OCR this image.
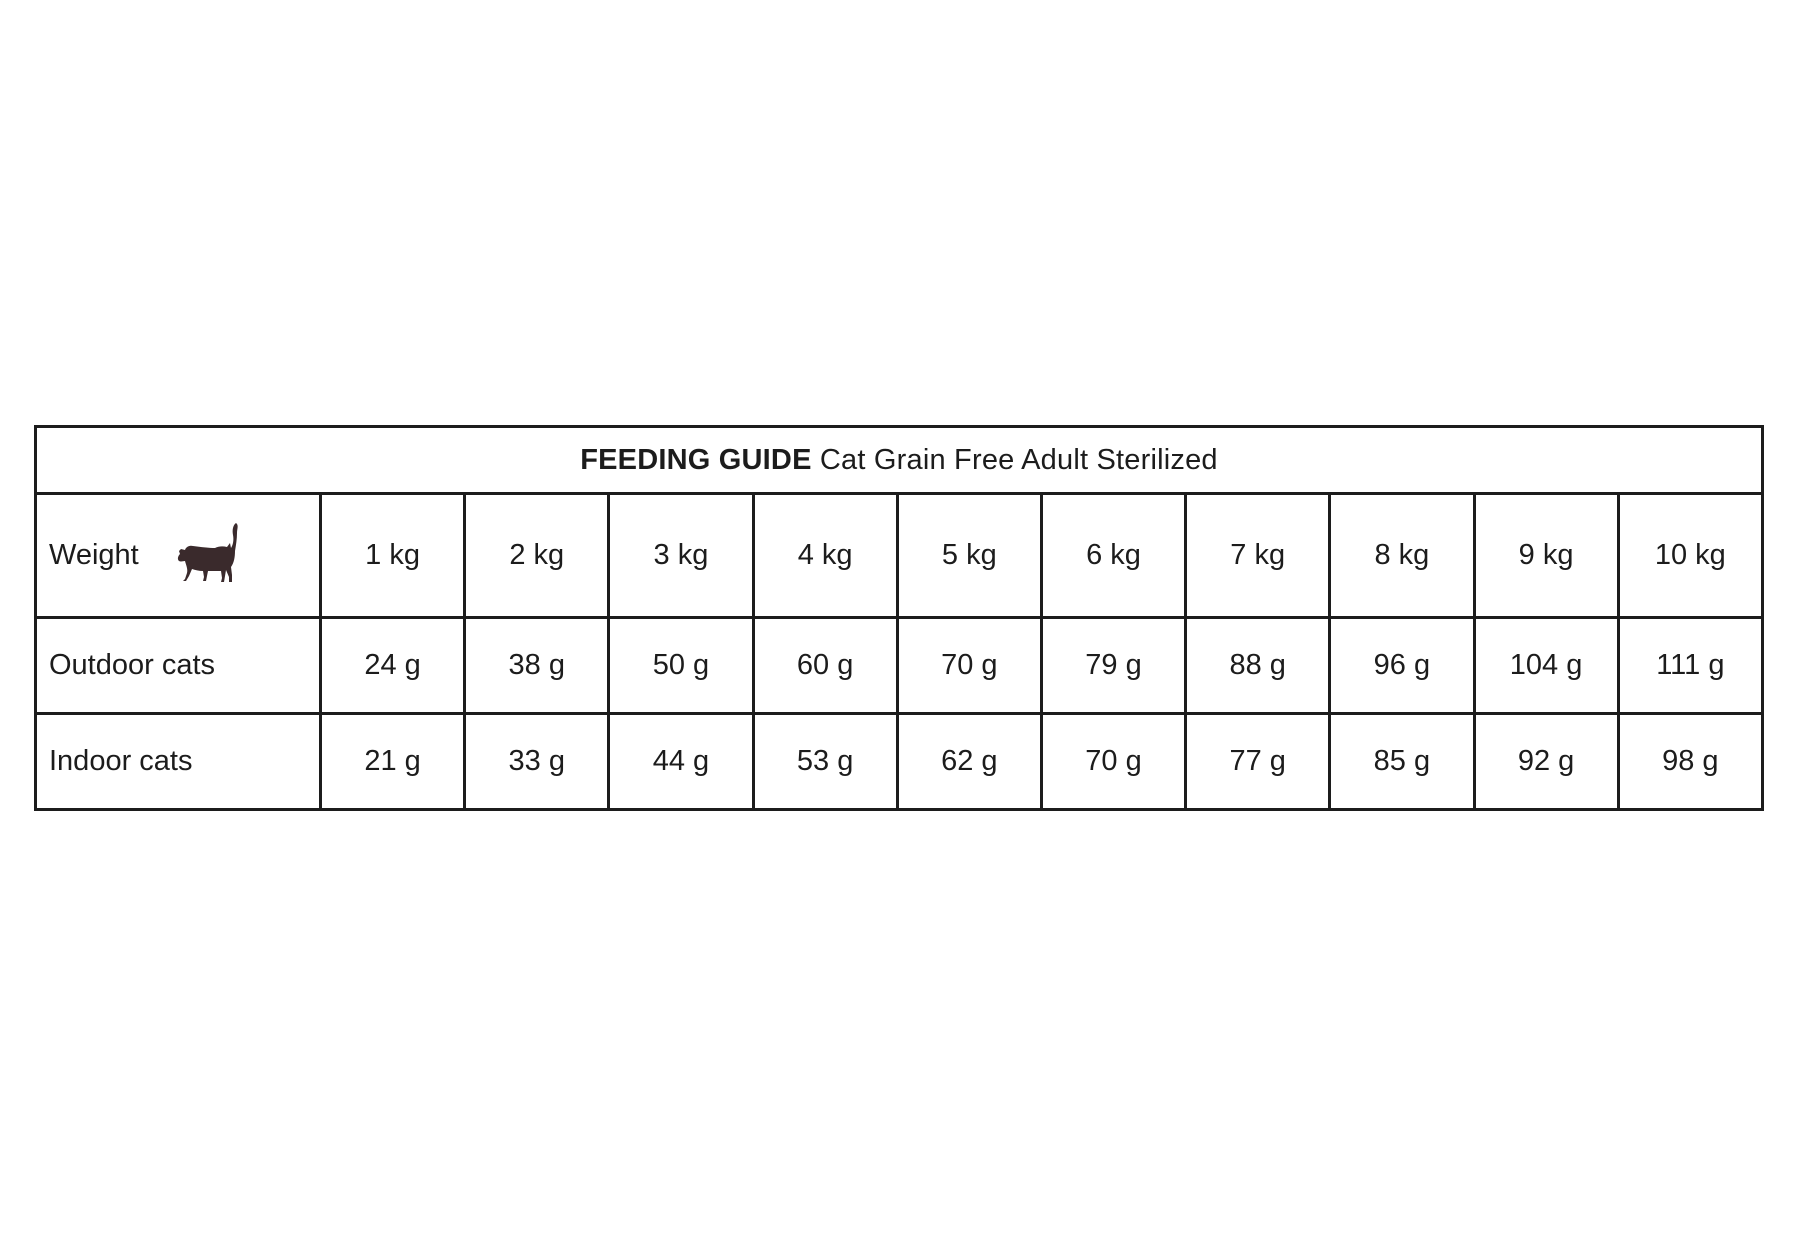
FEEDING GUIDE Cat Grain Free Adult Sterilized										

Weight	1 kg	2 kg	3 kg	4 kg	5 kg	6 kg	7 kg	8 kg	9 kg	10 kg
Outdoor cats	24 g	38 g	50 g	60 g	70 g	79 g	88 g	96 g	104 g	111 g
Indoor cats	21 g	33 g	44 g	53 g	62 g	70 g	77 g	85 g	92 g	98 g
